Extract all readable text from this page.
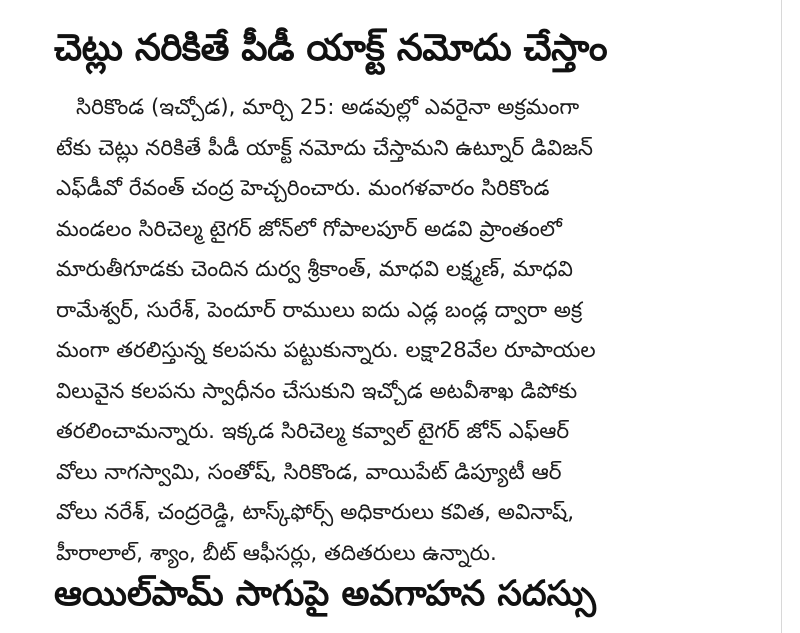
చెట్లు నరికితే పీడీ యాక్ట్ నమోదు చేస్తాం
సిరికొండ (ఇచ్చోడ), మార్చి 25: అడవుల్లో ఎవరైనా అక్రమంగా
టేకు చెట్లు నరికితే పీడీ యాక్ట్ నమోదు చేస్తామని ఉట్నూర్ డివిజన్
ఎఫ్‌డీవో రేవంత్ చంద్ర హెచ్చరించారు. మంగళవారం సిరికొండ
మండలం సిరిచెల్మ టైగర్ జోన్‌లో గోపాలపూర్ అడవి ప్రాంతంలో
మారుతీగూడకు చెందిన దుర్వ శ్రీకాంత్, మాధవి లక్ష్మణ్, మాధవి
రామేశ్వర్, సురేశ్, పెందూర్ రాములు ఐదు ఎడ్ల బండ్ల ద్వారా అక్ర
మంగా తరలిస్తున్న కలపను పట్టుకున్నారు. లక్షా28వేల రూపాయల
విలువైన కలపను స్వాధీనం చేసుకుని ఇచ్చోడ అటవీశాఖ డిపోకు
తరలించామన్నారు. ఇక్కడ సిరిచెల్మ కవ్వాల్ టైగర్ జోన్ ఎఫ్ఆర్
వోలు నాగస్వామి, సంతోష్, సిరికొండ, వాయిపేట్ డిప్యూటీ ఆర్
వోలు నరేశ్, చంద్రరెడ్డి, టాస్క్‌ఫోర్స్ అధికారులు కవిత, అవినాష్,
హీరాలాల్, శ్యాం, బీట్ ఆఫీసర్లు, తదితరులు ఉన్నారు.
ఆయిల్‌పామ్ సాగుపై అవగాహన సదస్సు
